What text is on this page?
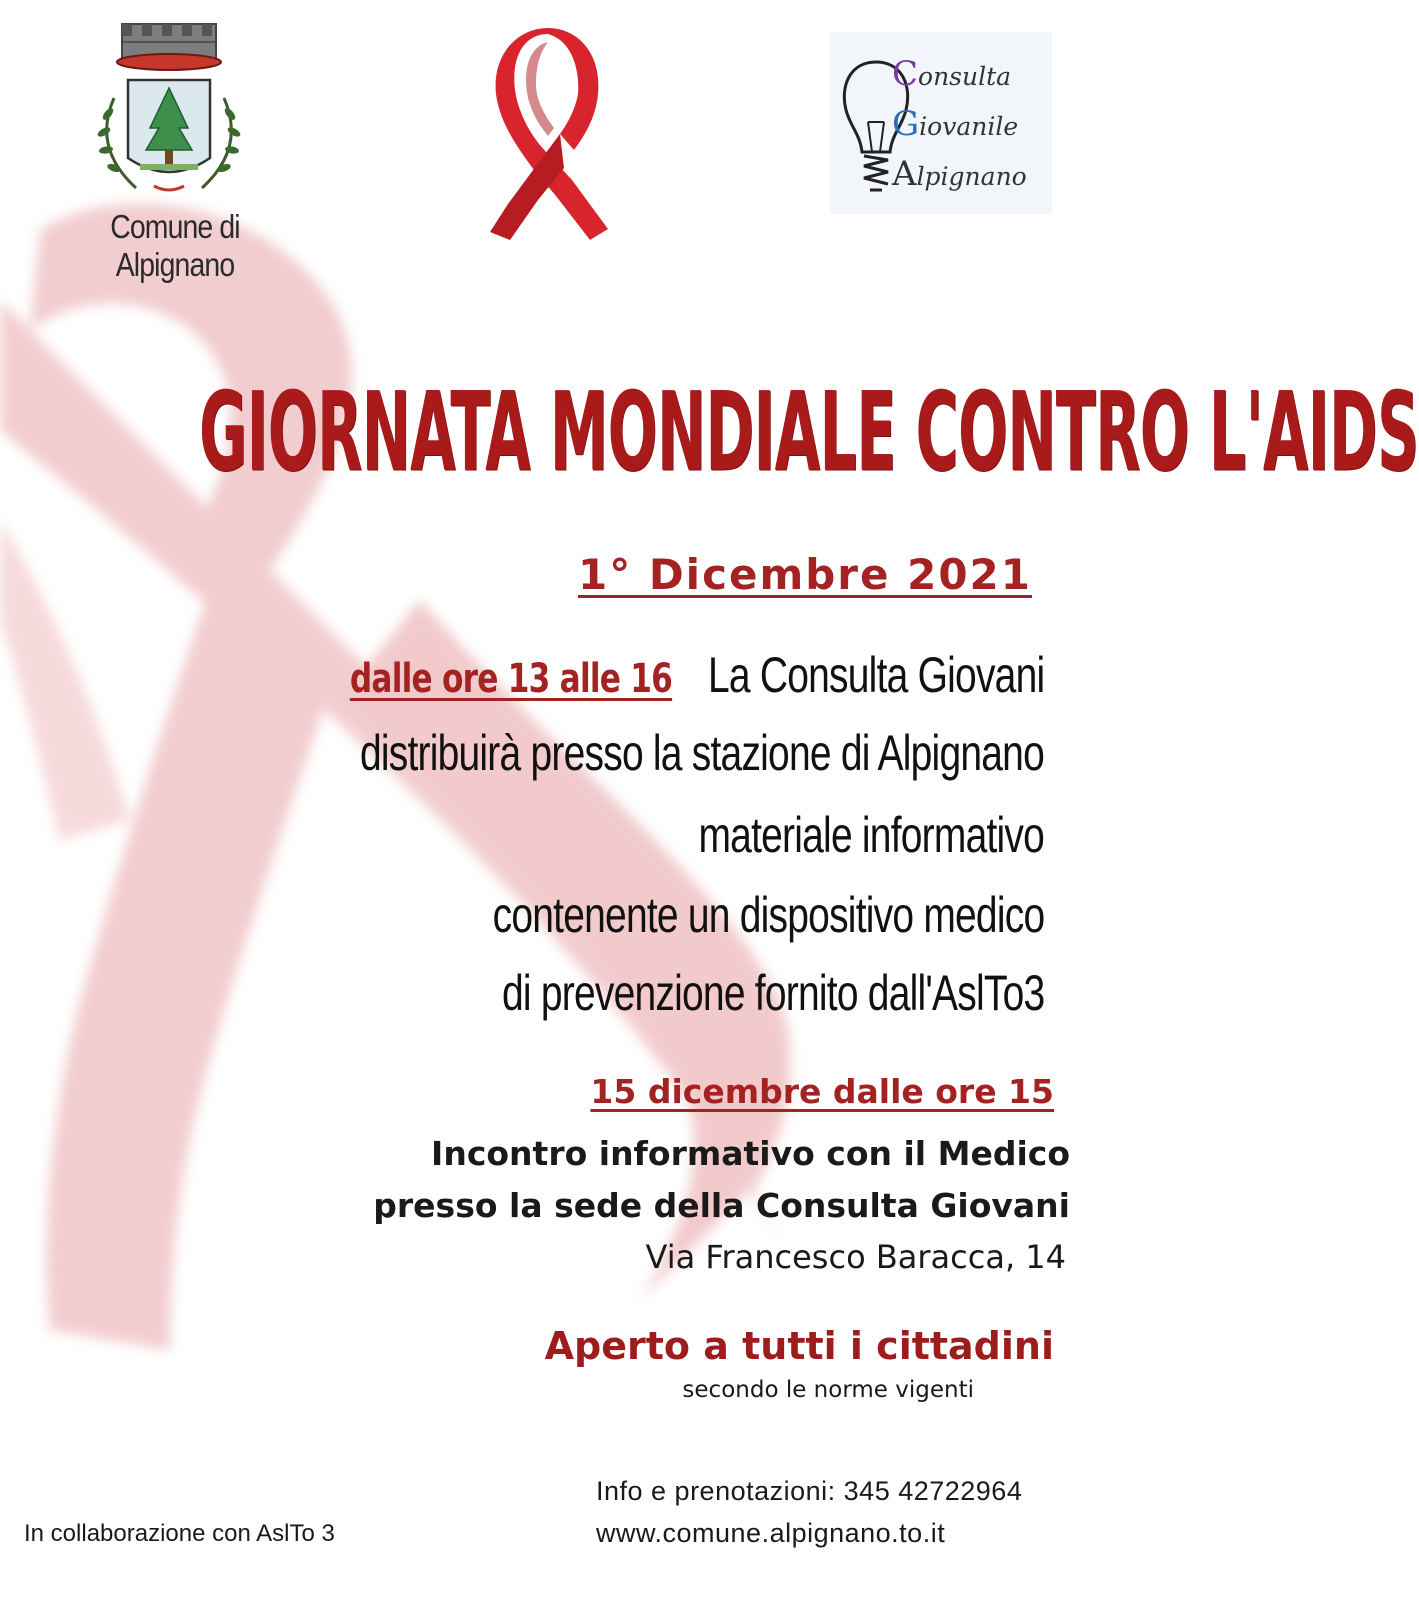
Comune di Alpignano
Consulta
Giovanile
Alpignano
GIORNATA MONDIALE CONTRO L'AIDS
1° Dicembre 2021
dalle ore 13 alle 16 La Consulta Giovani
distribuirà presso la stazione di Alpignano
materiale informativo
contenente un dispositivo medico
di prevenzione fornito dall'AslTo3
15 dicembre dalle ore 15
Incontro informativo con il Medico
presso la sede della Consulta Giovani
Via Francesco Baracca, 14
Aperto a tutti i cittadini
secondo le norme vigenti
In collaborazione con AslTo 3
Info e prenotazioni: 345 42722964
www.comune.alpignano.to.it
